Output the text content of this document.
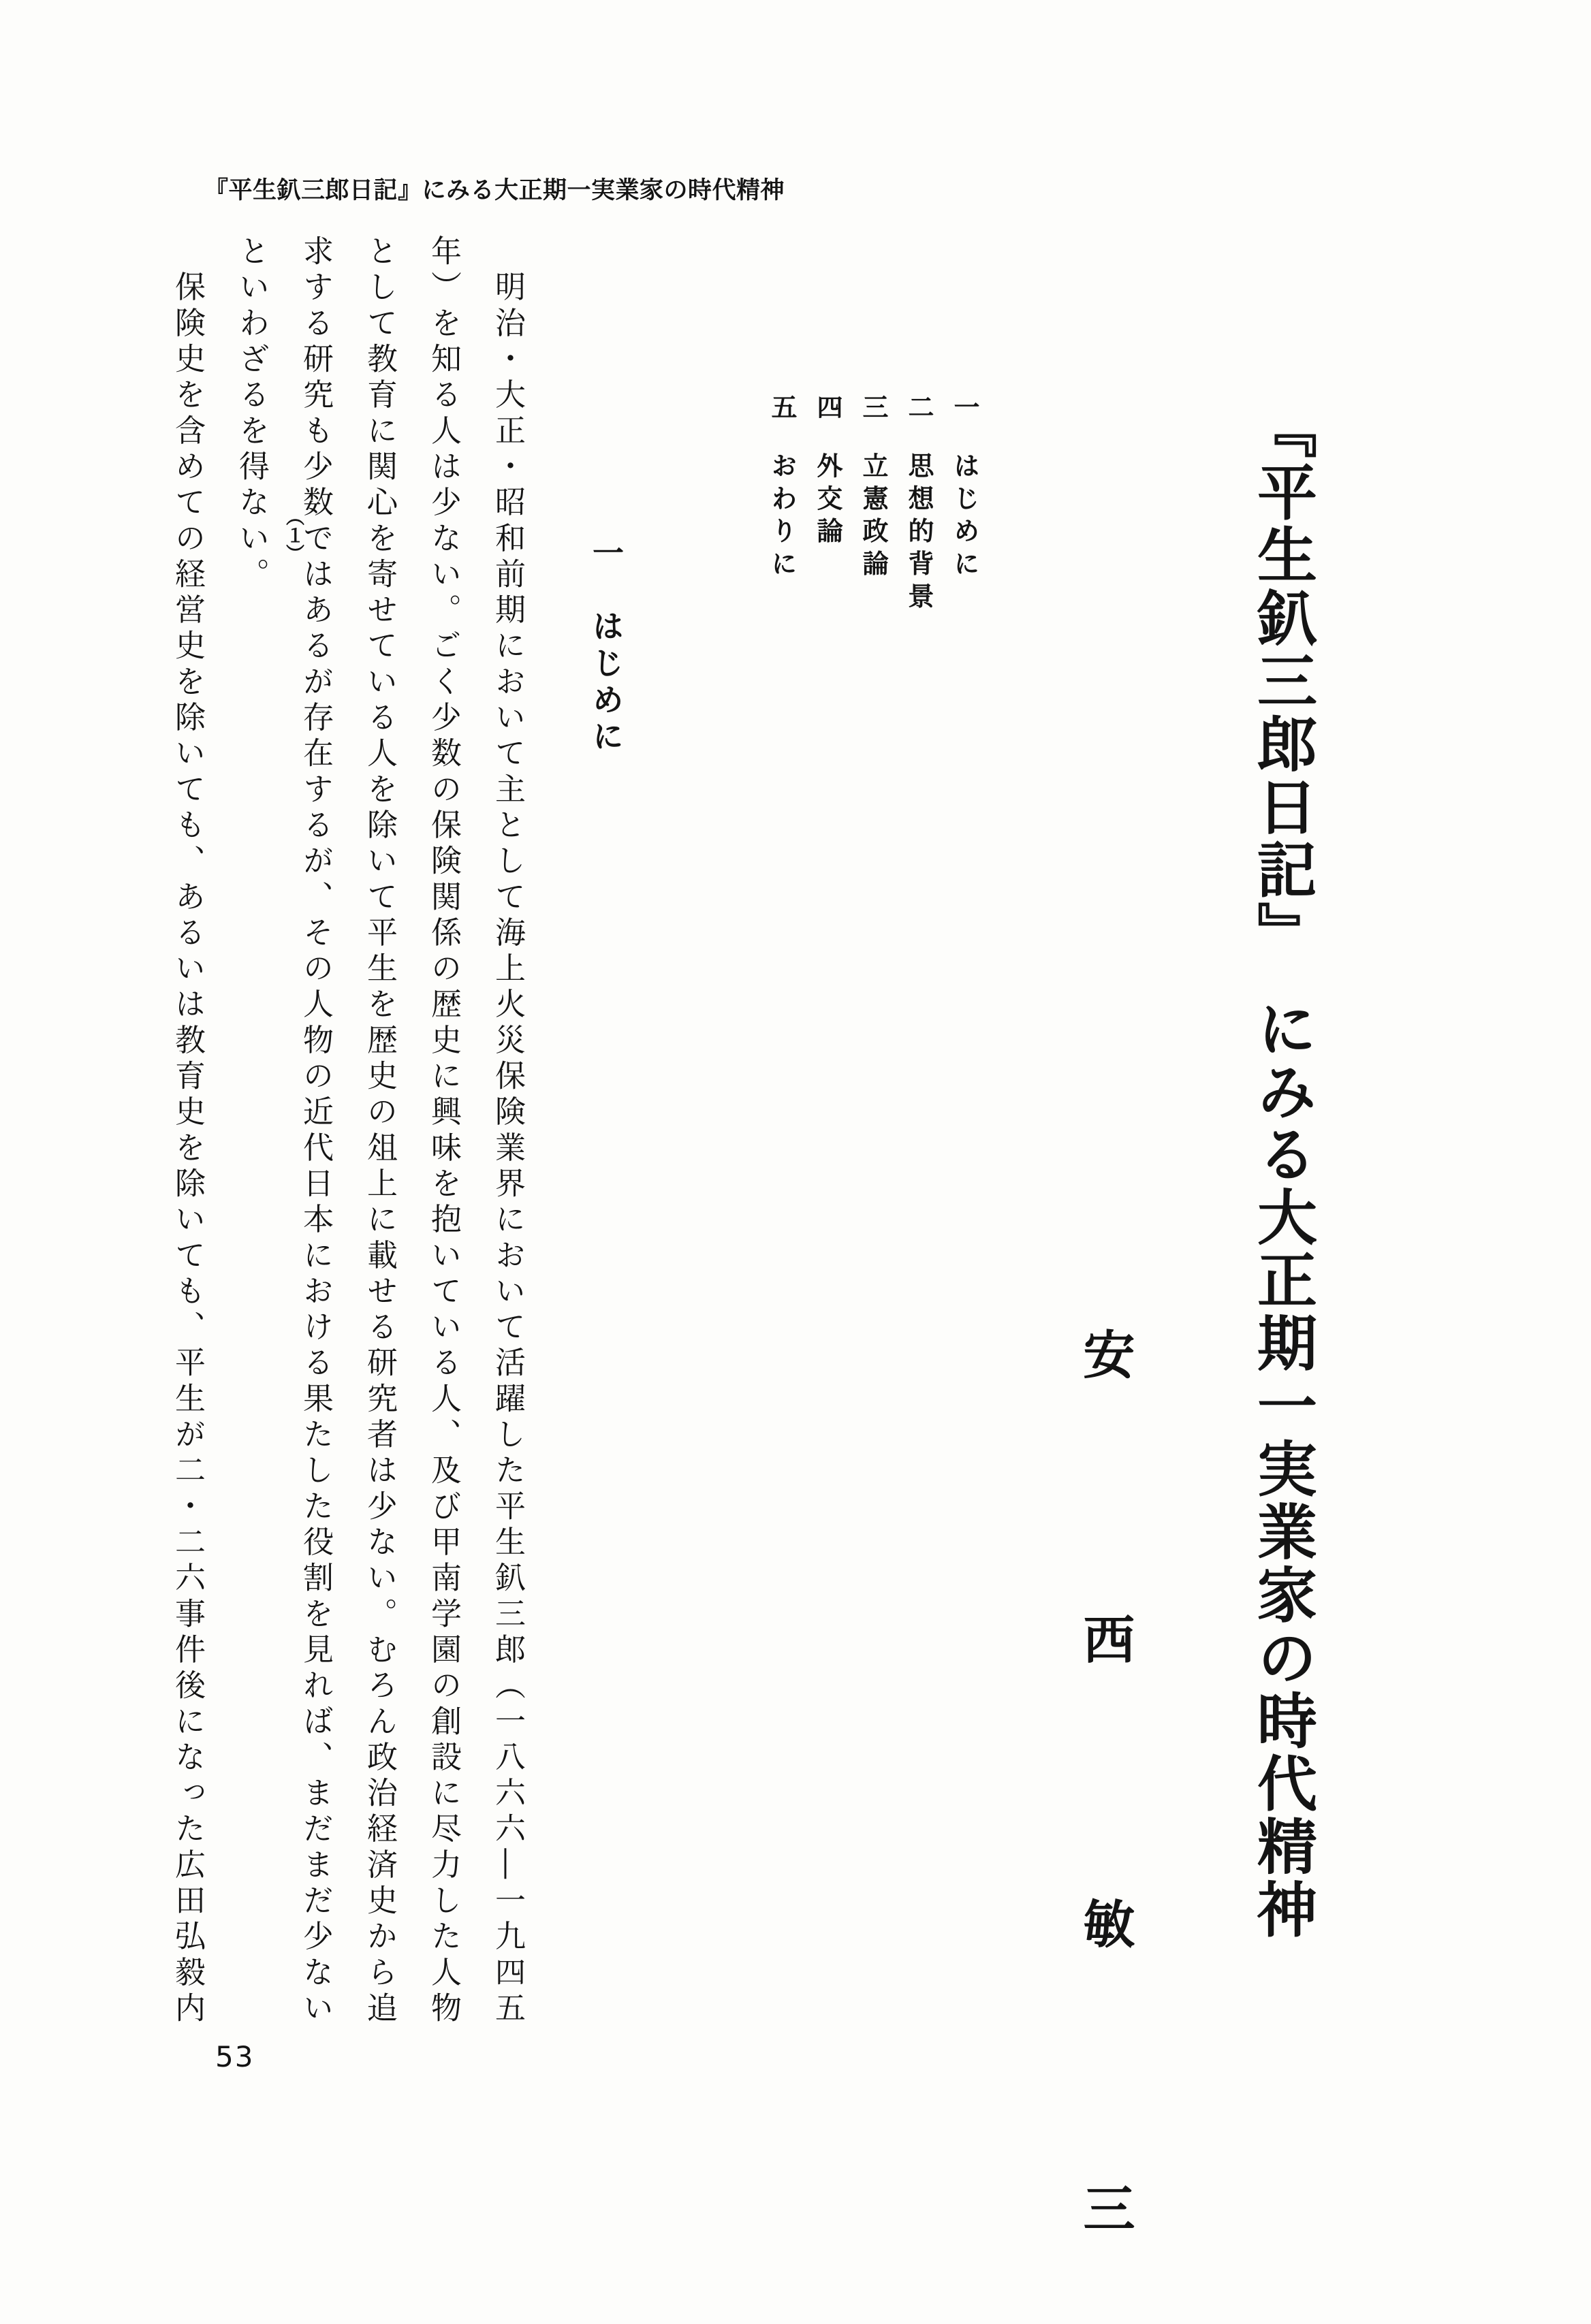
『平生釟三郎日記』にみる大正期一実業家の時代精神
『平生釟三郎日記』　にみる大正期一実業家の時代精神
安　西　敏　三
一はじめに
二思想的背景
三立憲政論
四外交論
五おわりに
一　はじめに
　明治・大正・昭和前期において主として海上火災保険業界において活躍した平生釟三郎（一八六六―一九四五
年）を知る人は少ない。ごく少数の保険関係の歴史に興味を抱いている人、及び甲南学園の創設に尽力した人物
として教育に関心を寄せている人を除いて平生を歴史の俎上に載せる研究者は少ない。むろん政治経済史から追
求する研究も少数ではあるが存在するが、その人物の近代日本における果たした役割を見れば、まだまだ少ない
といわざるを得ない。
　保険史を含めての経営史を除いても、あるいは教育史を除いても、平生が二・二六事件後になった広田弘毅内	（１）
53
